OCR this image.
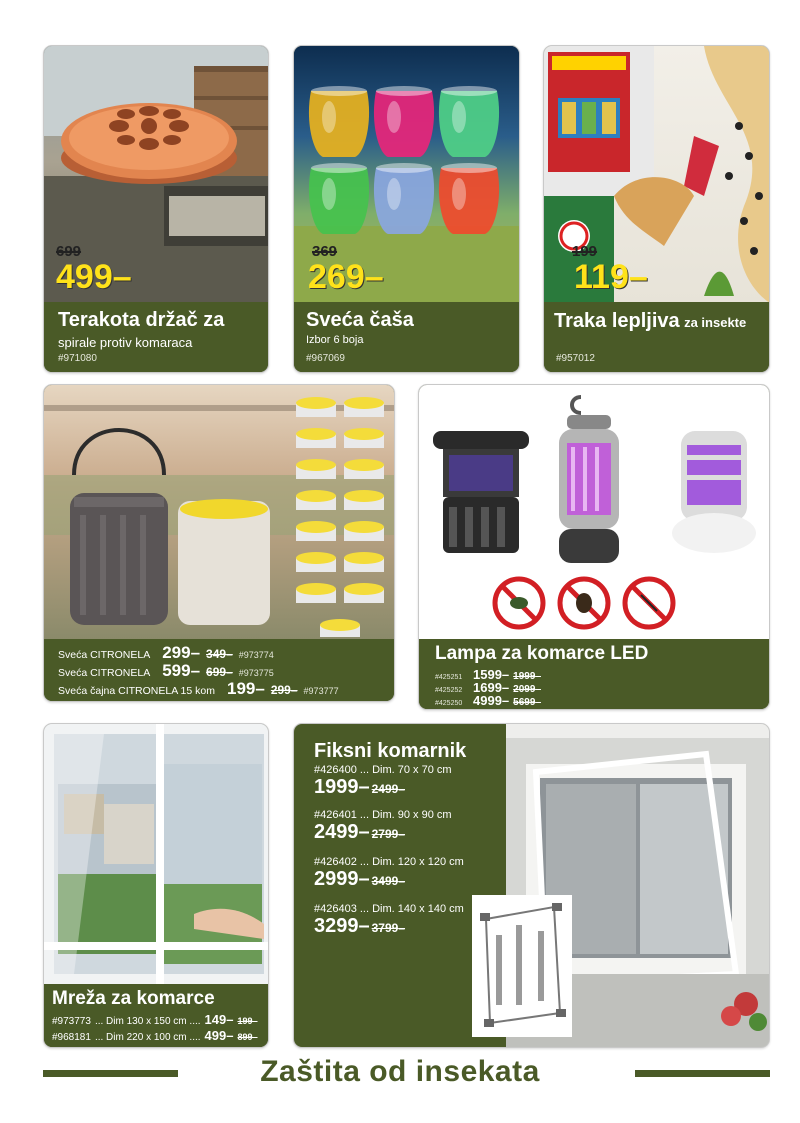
699
499 –
Terakota držač za
spirale protiv komaraca
#971080
369
269 –
Sveća čaša
Izbor 6 boja
#967069
199
119 –
Traka lepljiva za insekte
#957012
Sveća CITRONELA 299 –	349 –	#973774
Sveća CITRONELA 599 –	699 –	#973775
Sveća čajna CITRONELA 15 kom 199 –	299 –	#973777
Lampa za komarce LED
#425251 1599 –	1999 –
#425252 1699 –	2099 –
#425250 4999 –	5699 –
Mreža za komarce
#973773 ... Dim 130 x 150 cm .... 149 –	199 –
#968181 ... Dim 220 x 100 cm .... 499 –	899 –
Fiksni komarnik
#426400 ... Dim. 70 x 70 cm
1999 –	2499 –
#426401 ... Dim. 90 x 90 cm
2499 –	2799 –
#426402 ... Dim. 120 x 120 cm
2999 –	3499 –
#426403 ... Dim. 140 x 140 cm
3299 –	3799 –
Zaštita od insekata
